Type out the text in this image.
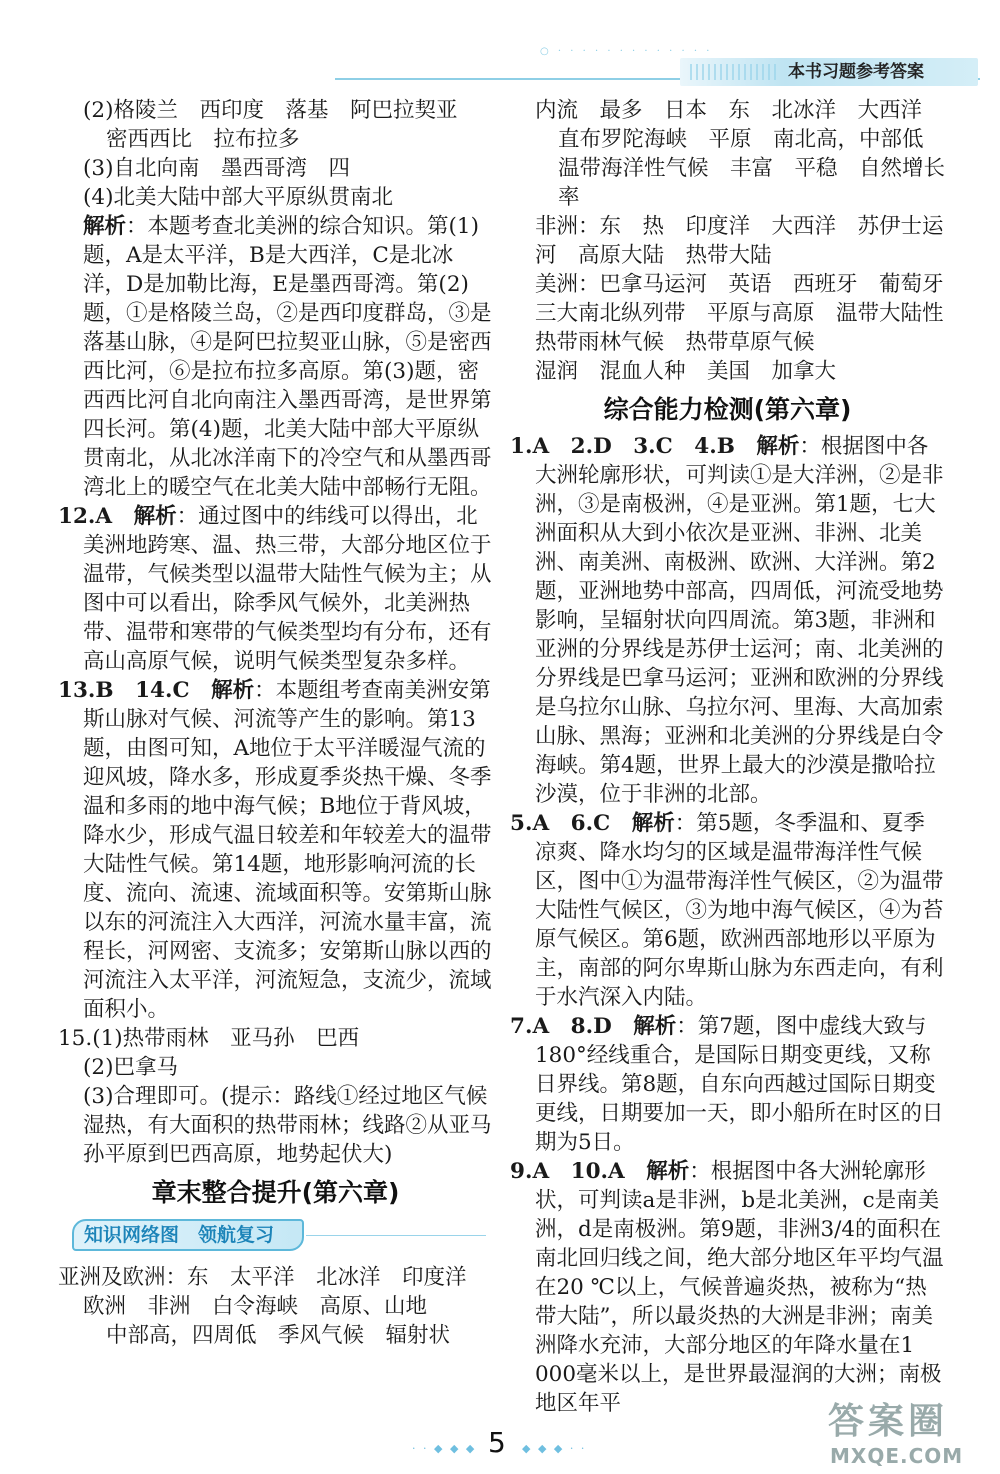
○ · · · · · · · · · · · · ·
本书习题参考答案

(2)格陵兰　西印度　落基　阿巴拉契亚

密西西比　拉布拉多

(3)自北向南　墨西哥湾　四

(4)北美大陆中部大平原纵贯南北

解析：本题考查北美洲的综合知识。第(1)题，A是太平洋，B是大西洋，C是北冰洋，D是加勒比海，E是墨西哥湾。第(2)题，①是格陵兰岛，②是西印度群岛，③是落基山脉，④是阿巴拉契亚山脉，⑤是密西西比河，⑥是拉布拉多高原。第(3)题，密西西比河自北向南注入墨西哥湾，是世界第四长河。第(4)题，北美大陆中部大平原纵贯南北，从北冰洋南下的冷空气和从墨西哥湾北上的暖空气在北美大陆中部畅行无阻。

12.A　解析：通过图中的纬线可以得出，北美洲地跨寒、温、热三带，大部分地区位于温带，气候类型以温带大陆性气候为主；从图中可以看出，除季风气候外，北美洲热带、温带和寒带的气候类型均有分布，还有高山高原气候，说明气候类型复杂多样。

13.B　14.C　解析：本题组考查南美洲安第斯山脉对气候、河流等产生的影响。第13题，由图可知，A地位于太平洋暖湿气流的迎风坡，降水多，形成夏季炎热干燥、冬季温和多雨的地中海气候；B地位于背风坡，降水少，形成气温日较差和年较差大的温带大陆性气候。第14题，地形影响河流的长度、流向、流速、流域面积等。安第斯山脉以东的河流注入大西洋，河流水量丰富，流程长，河网密、支流多；安第斯山脉以西的河流注入太平洋，河流短急，支流少，流域面积小。

15.(1)热带雨林　亚马孙　巴西

(2)巴拿马

(3)合理即可。(提示：路线①经过地区气候湿热，有大面积的热带雨林；线路②从亚马孙平原到巴西高原，地势起伏大)

章末整合提升(第六章)
知识网络图　领航复习

亚洲及欧洲：东　太平洋　北冰洋　印度洋　欧洲　非洲　白令海峡　高原、山地

中部高，四周低　季风气候　辐射状

内流　最多　日本　东　北冰洋　大西洋

直布罗陀海峡　平原　南北高，中部低

温带海洋性气候　丰富　平稳　自然增长率

非洲：东　热　印度洋　大西洋　苏伊士运河　高原大陆　热带大陆

美洲：巴拿马运河　英语　西班牙　葡萄牙　三大南北纵列带　平原与高原　温带大陆性　热带雨林气候　热带草原气候

湿润　混血人种　美国　加拿大

综合能力检测(第六章)

1.A　2.D　3.C　4.B　解析：根据图中各大洲轮廓形状，可判读①是大洋洲，②是非洲，③是南极洲，④是亚洲。第1题，七大洲面积从大到小依次是亚洲、非洲、北美洲、南美洲、南极洲、欧洲、大洋洲。第2题，亚洲地势中部高，四周低，河流受地势影响，呈辐射状向四周流。第3题，非洲和亚洲的分界线是苏伊士运河；南、北美洲的分界线是巴拿马运河；亚洲和欧洲的分界线是乌拉尔山脉、乌拉尔河、里海、大高加索山脉、黑海；亚洲和北美洲的分界线是白令海峡。第4题，世界上最大的沙漠是撒哈拉沙漠，位于非洲的北部。

5.A　6.C　解析：第5题，冬季温和、夏季凉爽、降水均匀的区域是温带海洋性气候区，图中①为温带海洋性气候区，②为温带大陆性气候区，③为地中海气候区，④为苔原气候区。第6题，欧洲西部地形以平原为主，南部的阿尔卑斯山脉为东西走向，有利于水汽深入内陆。

7.A　8.D　解析：第7题，图中虚线大致与180°经线重合，是国际日期变更线，又称日界线。第8题，自东向西越过国际日期变更线，日期要加一天，即小船所在时区的日期为5日。

9.A　10.A　解析：根据图中各大洲轮廓形状，可判读a是非洲，b是北美洲，c是南美洲，d是南极洲。第9题，非洲3/4的面积在南北回归线之间，绝大部分地区年平均气温在20 ℃以上，气候普遍炎热，被称为“热带大陆”，所以最炎热的大洲是非洲；南美洲降水充沛，大部分地区的年降水量在1 000毫米以上，是世界最湿润的大洲；南极地区年平

· · ◆ ◆ ◆ 5 ◆ ◆ ◆ · ·
答案圈
MXQE.COM
